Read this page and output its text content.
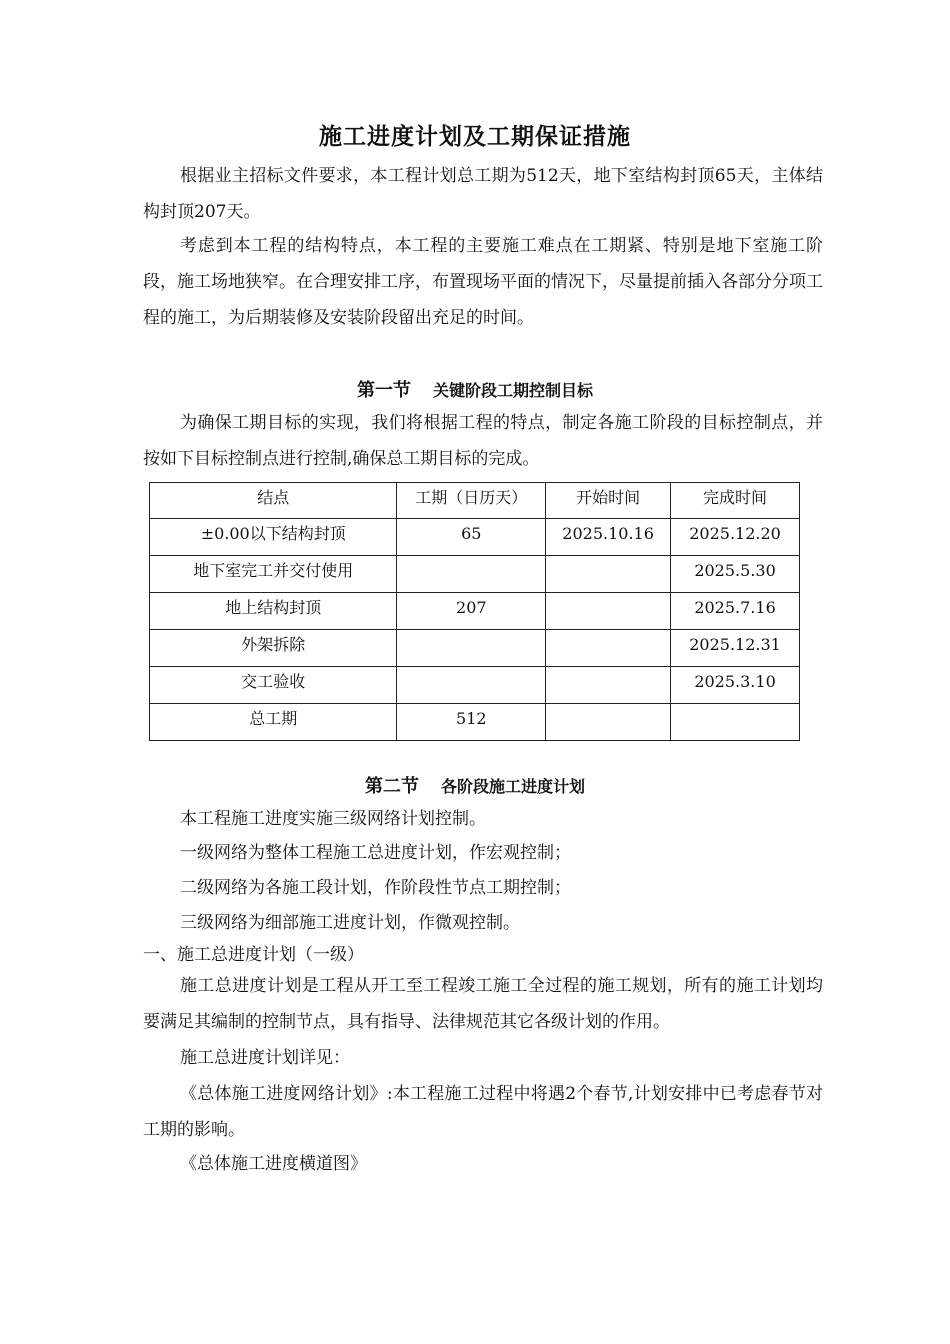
施工进度计划及工期保证措施
根据业主招标文件要求，本工程计划总工期为512天，地下室结构封顶65天，主体结构封顶207天。
考虑到本工程的结构特点，本工程的主要施工难点在工期紧、特别是地下室施工阶段，施工场地狭窄。在合理安排工序，布置现场平面的情况下，尽量提前插入各部分分项工程的施工，为后期装修及安装阶段留出充足的时间。
第一节 关键阶段工期控制目标
为确保工期目标的实现，我们将根据工程的特点，制定各施工阶段的目标控制点，并按如下目标控制点进行控制,确保总工期目标的完成。
结点	工期（日历天）	开始时间	完成时间
±0.00以下结构封顶	65	2025.10.16	2025.12.20
地下室完工并交付使用			2025.5.30
地上结构封顶	207		2025.7.16
外架拆除			2025.12.31
交工验收			2025.3.10
总工期	512		
第二节 各阶段施工进度计划
本工程施工进度实施三级网络计划控制。
一级网络为整体工程施工总进度计划，作宏观控制；
二级网络为各施工段计划，作阶段性节点工期控制；
三级网络为细部施工进度计划，作微观控制。
一、施工总进度计划（一级）
施工总进度计划是工程从开工至工程竣工施工全过程的施工规划，所有的施工计划均要满足其编制的控制节点，具有指导、法律规范其它各级计划的作用。
施工总进度计划详见：
《总体施工进度网络计划》:本工程施工过程中将遇2个春节,计划安排中已考虑春节对工期的影响。
《总体施工进度横道图》
